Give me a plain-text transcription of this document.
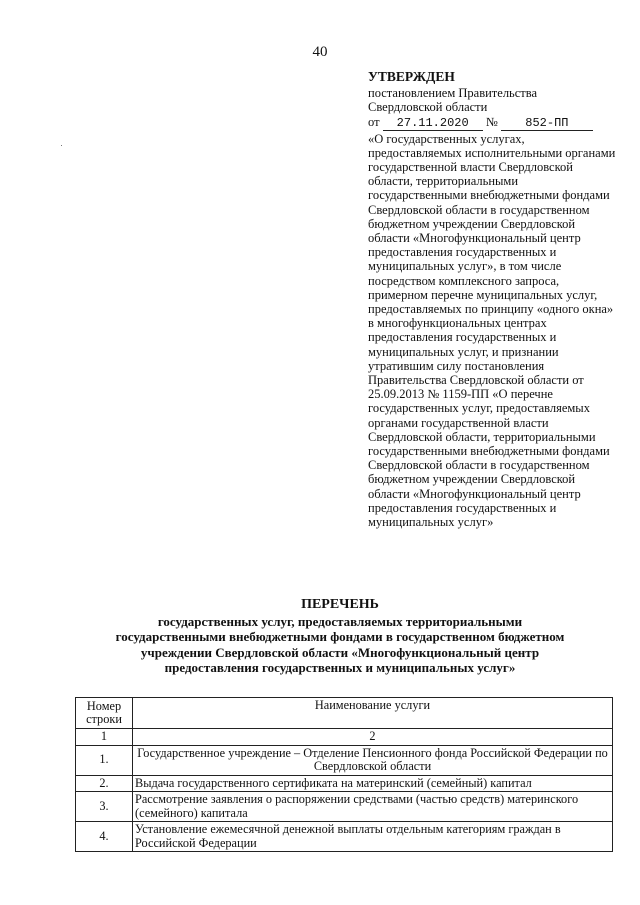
40
УТВЕРЖДЕН
постановлением Правительства
Свердловской области
от 27.11.2020 № 852-ПП
«О государственных услугах, предоставляемых исполнительными органами государственной власти Свердловской области, территориальными государственными внебюджетными фондами Свердловской области в государственном бюджетном учреждении Свердловской области «Многофункциональный центр предоставления государственных и муниципальных услуг», в том числе посредством комплексного запроса, примерном перечне муниципальных услуг, предоставляемых по принципу «одного окна» в многофункциональных центрах предоставления государственных и муниципальных услуг, и признании утратившим силу постановления Правительства Свердловской области от 25.09.2013 № 1159-ПП «О перечне государственных услуг, предоставляемых органами государственной власти Свердловской области, территориальными государственными внебюджетными фондами Свердловской области в государственном бюджетном учреждении Свердловской области «Многофункциональный центр предоставления государственных и муниципальных услуг»
ПЕРЕЧЕНЬ
государственных услуг, предоставляемых территориальными государственными внебюджетными фондами в государственном бюджетном учреждении Свердловской области «Многофункциональный центр предоставления государственных и муниципальных услуг»
Номер строки	Наименование услуги
1	2
1.	Государственное учреждение – Отделение Пенсионного фонда Российской Федерации по Свердловской области
2.	Выдача государственного сертификата на материнский (семейный) капитал
3.	Рассмотрение заявления о распоряжении средствами (частью средств) материнского (семейного) капитала
4.	Установление ежемесячной денежной выплаты отдельным категориям граждан в Российской Федерации
